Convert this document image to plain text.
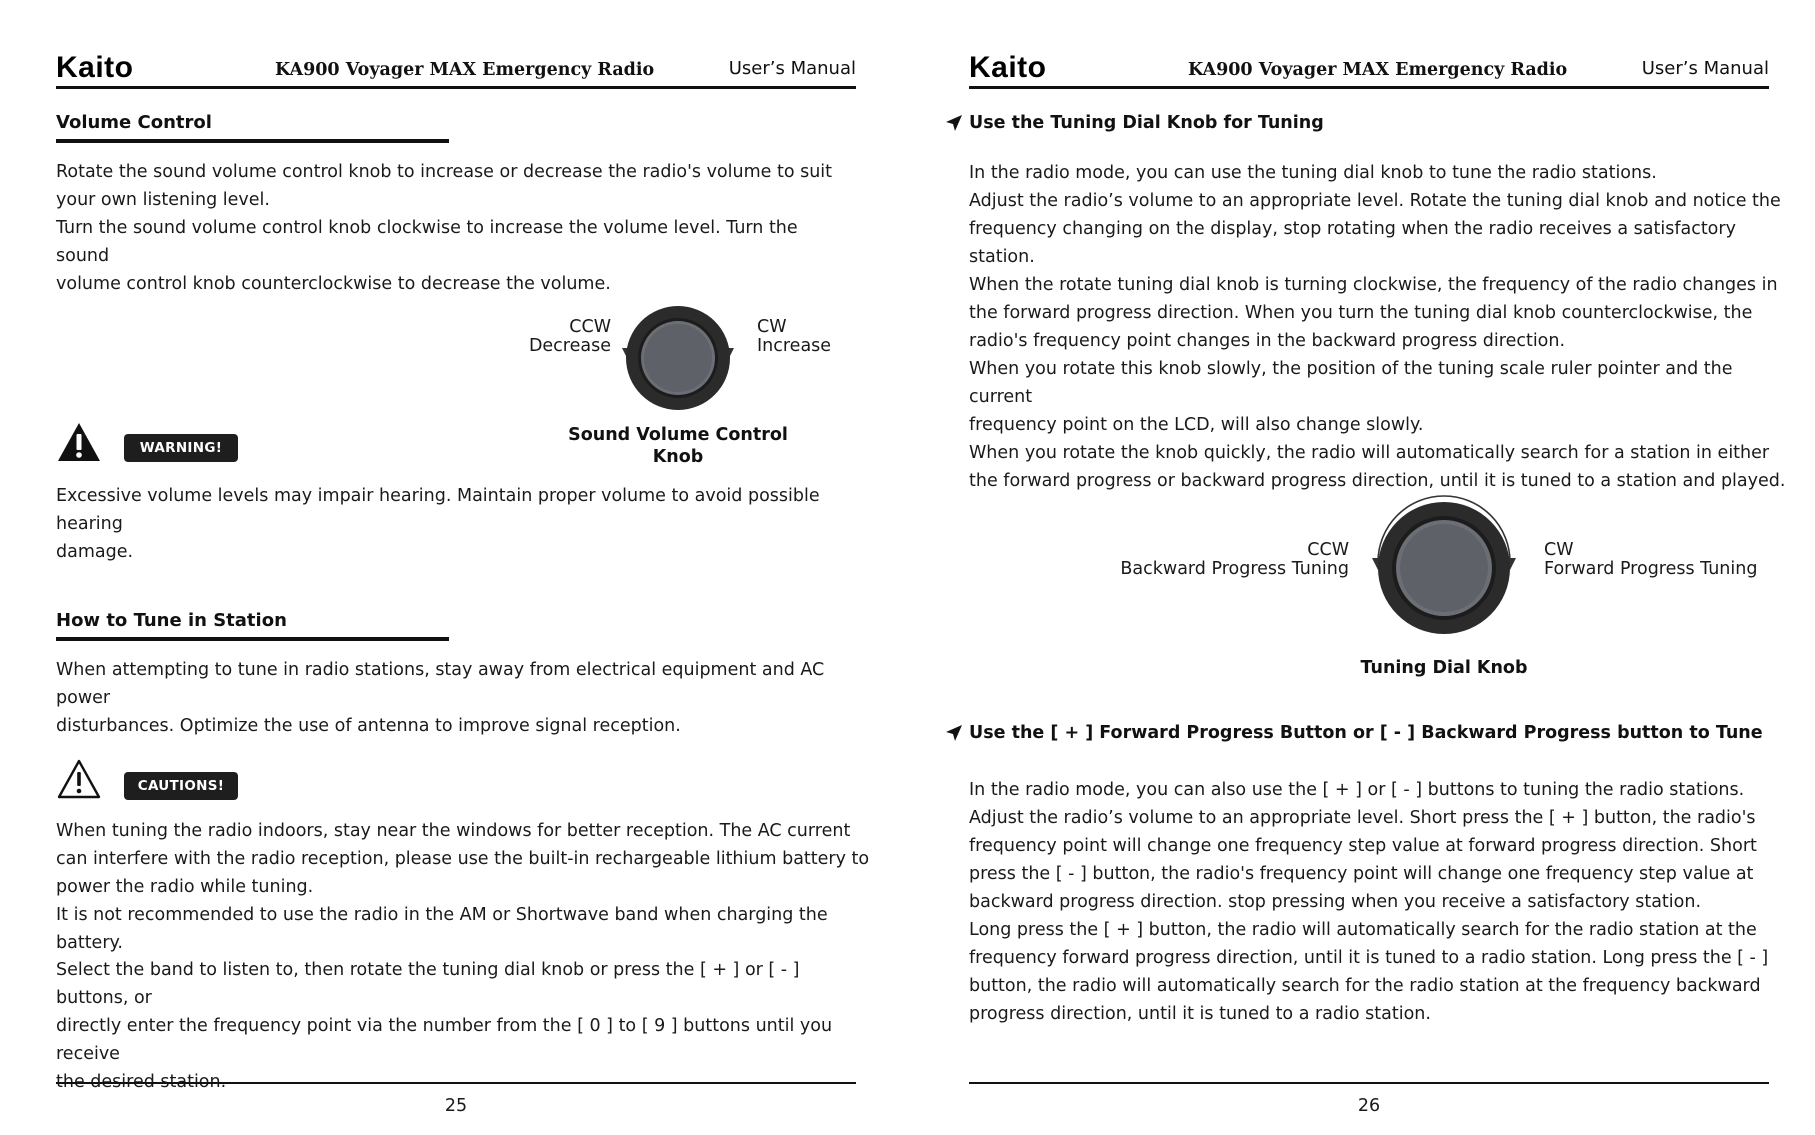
Kaito	KA900 Voyager MAX Emergency Radio	User’s Manual
Volume Control

Rotate the sound volume control knob to increase or decrease the radio's volume to suit
your own listening level.
Turn the sound volume control knob clockwise to increase the volume level. Turn the sound
volume control knob counterclockwise to decrease the volume.

CCW
Decrease
CW
Increase
Sound Volume Control Knob
WARNING!

Excessive volume levels may impair hearing. Maintain proper volume to avoid possible hearing
damage.

How to Tune in Station

When attempting to tune in radio stations, stay away from electrical equipment and AC power
disturbances. Optimize the use of antenna to improve signal reception.

CAUTIONS!

When tuning the radio indoors, stay near the windows for better reception. The AC current
can interfere with the radio reception, please use the built-in rechargeable lithium battery to
power the radio while tuning.
It is not recommended to use the radio in the AM or Shortwave band when charging the battery.

Select the band to listen to, then rotate the tuning dial knob or press the [ + ] or [ - ] buttons, or
directly enter the frequency point via the number from the [ 0 ] to [ 9 ] buttons until you receive
the desired station.

25
Kaito	KA900 Voyager MAX Emergency Radio	User’s Manual
Use the Tuning Dial Knob for Tuning

In the radio mode, you can use the tuning dial knob to tune the radio stations.
Adjust the radio’s volume to an appropriate level. Rotate the tuning dial knob and notice the
frequency changing on the display, stop rotating when the radio receives a satisfactory station.
When the rotate tuning dial knob is turning clockwise, the frequency of the radio changes in
the forward progress direction. When you turn the tuning dial knob counterclockwise, the
radio's frequency point changes in the backward progress direction.

When you rotate this knob slowly, the position of the tuning scale ruler pointer and the current
frequency point on the LCD, will also change slowly.
When you rotate the knob quickly, the radio will automatically search for a station in either
the forward progress or backward progress direction, until it is tuned to a station and played.

CCW
Backward Progress Tuning
CW
Forward Progress Tuning
Tuning Dial Knob
Use the [ + ] Forward Progress Button or [ - ] Backward Progress button to Tune

In the radio mode, you can also use the [ + ] or [ - ] buttons to tuning the radio stations.
Adjust the radio’s volume to an appropriate level. Short press the [ + ] button, the radio's
frequency point will change one frequency step value at forward progress direction. Short
press the [ - ] button, the radio's frequency point will change one frequency step value at
backward progress direction. stop pressing when you receive a satisfactory station.
Long press the [ + ] button, the radio will automatically search for the radio station at the
frequency forward progress direction, until it is tuned to a radio station. Long press the [ - ]
button, the radio will automatically search for the radio station at the frequency backward
progress direction, until it is tuned to a radio station.

26
